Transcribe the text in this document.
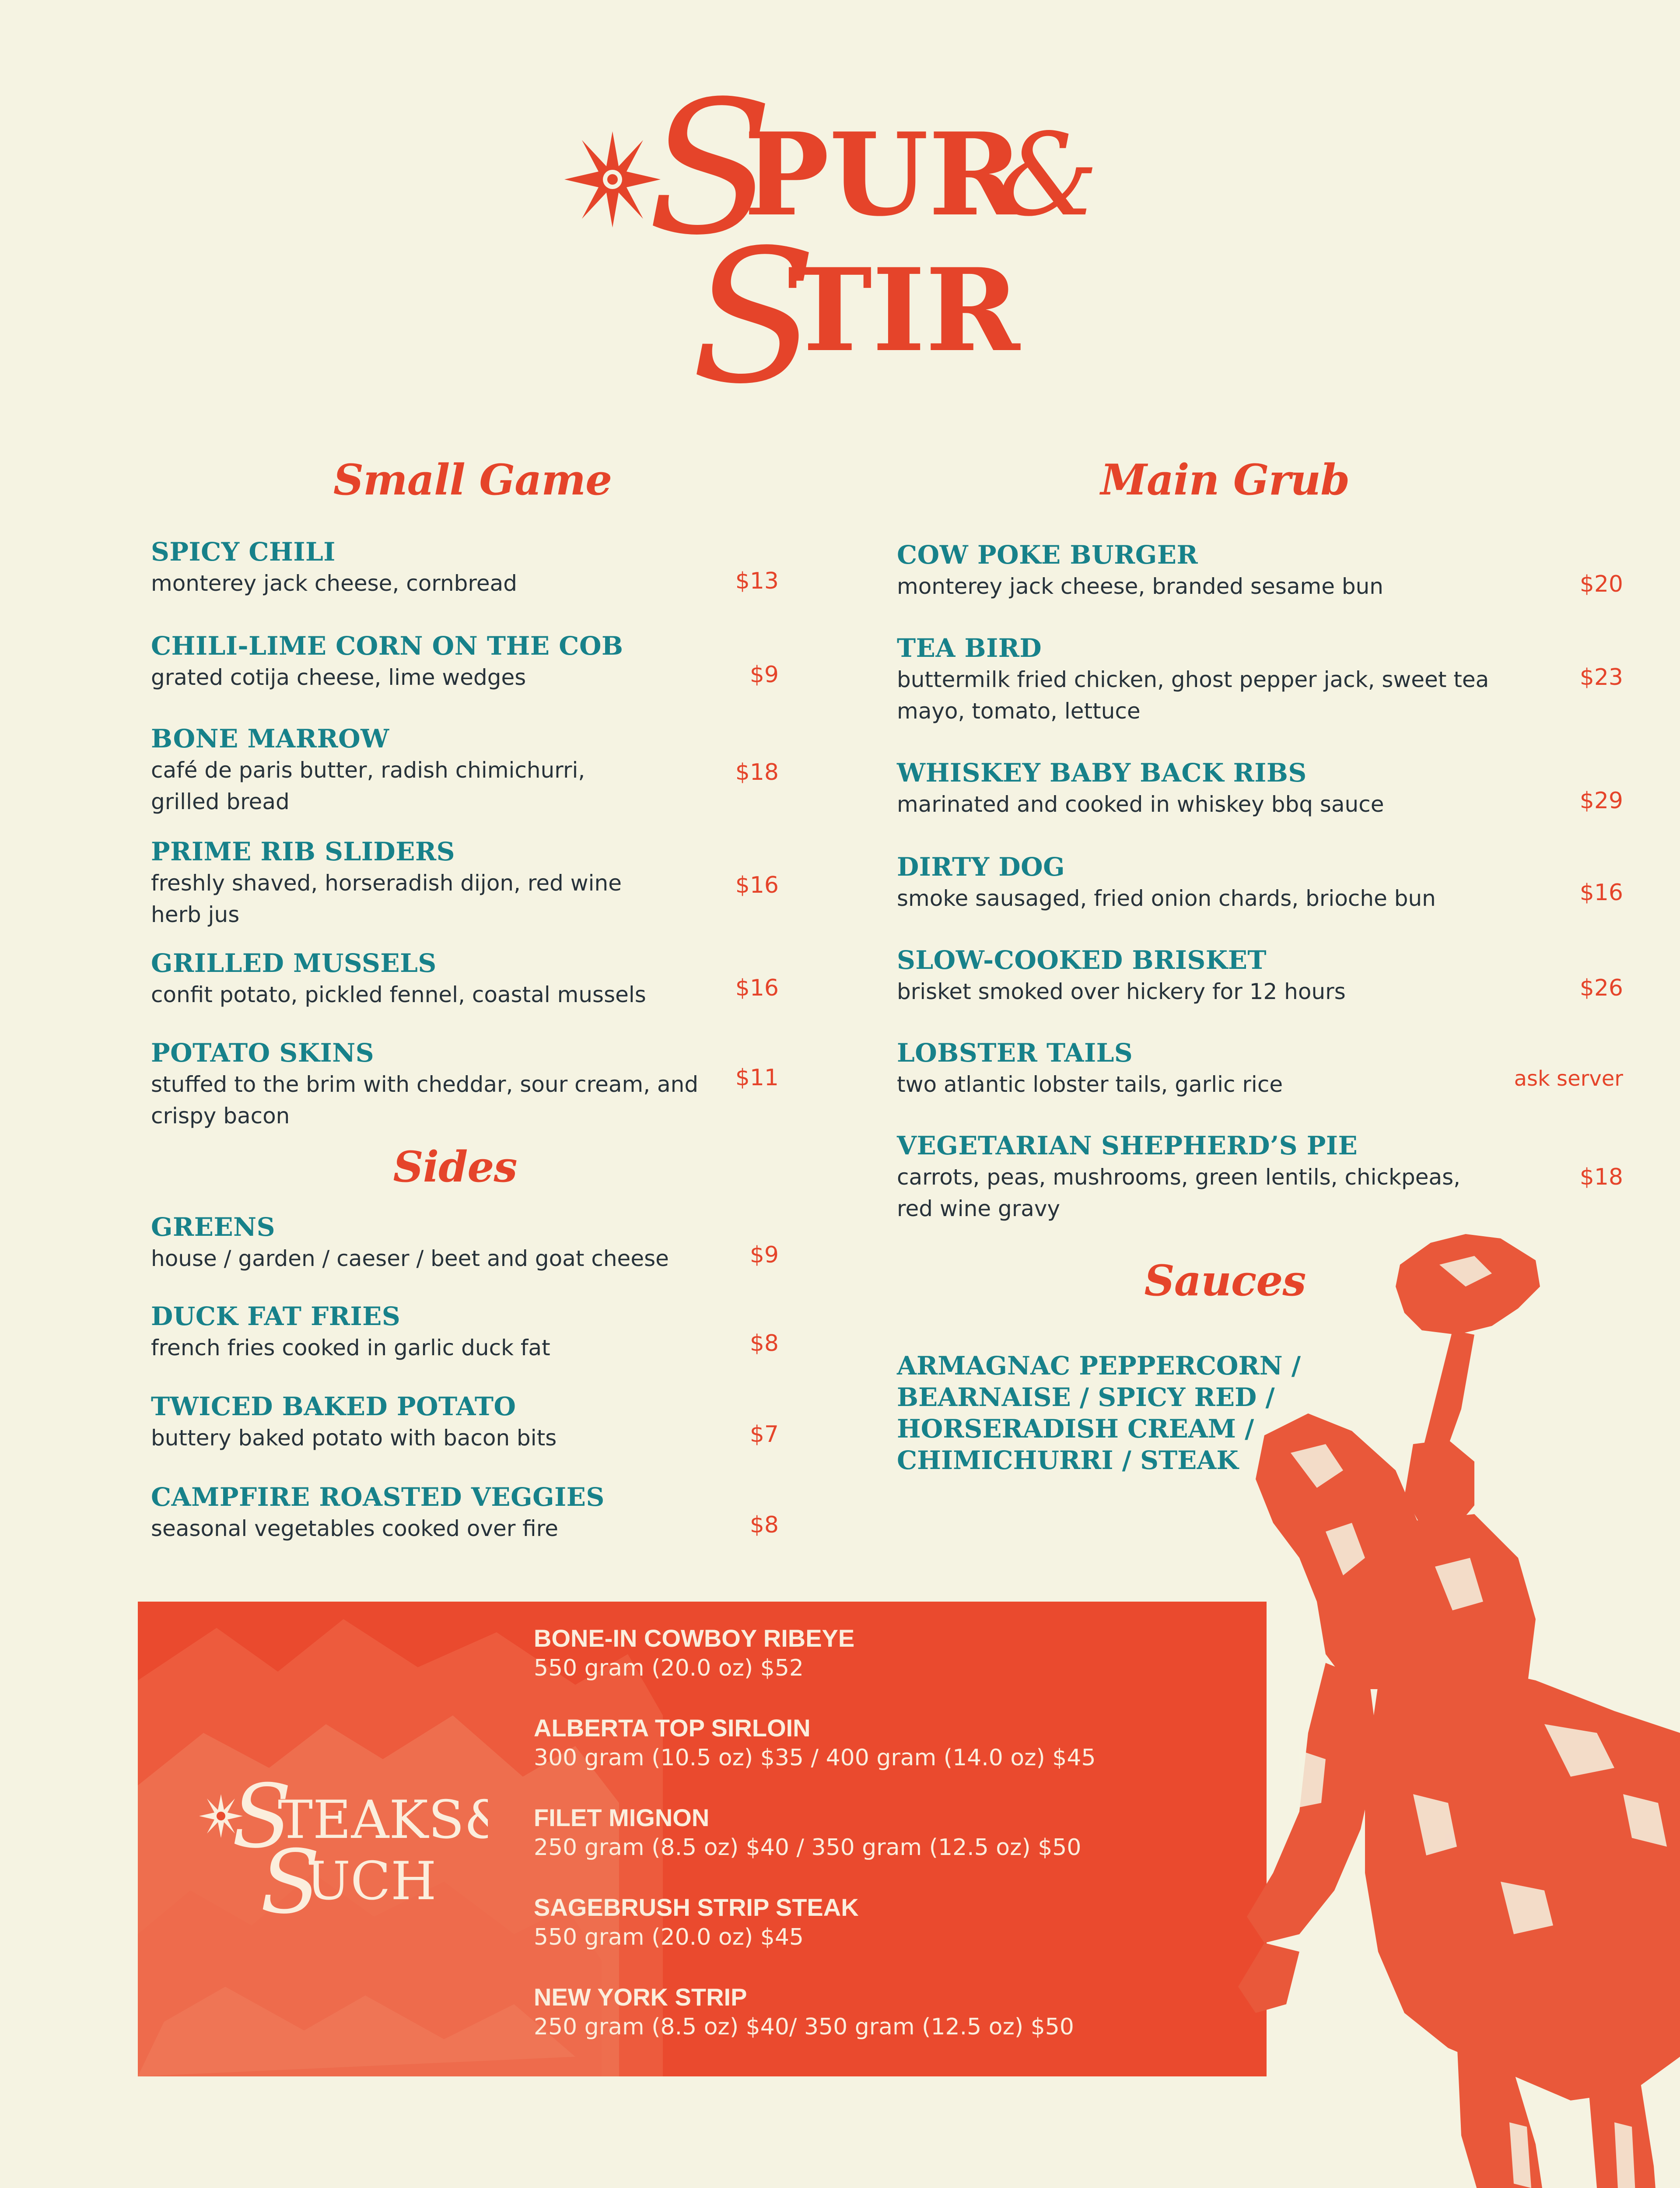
S
PUR
&
S
TIR
Small Game	Main Grub
Sides
Sauces
SPICY CHILI
monterey jack cheese, cornbread	$13
CHILI-LIME CORN ON THE COB
grated cotija cheese, lime wedges	$9
BONE MARROW
café de paris butter, radish chimichurri, grilled bread
$18
PRIME RIB SLIDERS
freshly shaved, horseradish dijon, red wine herb jus
$16
GRILLED MUSSELS
confit potato, pickled fennel, coastal mussels	$16
POTATO SKINS
stuffed to the brim with cheddar, sour cream, and crispy bacon
$11
GREENS
house / garden / caeser / beet and goat cheese	$9
DUCK FAT FRIES
french fries cooked in garlic duck fat	$8
TWICED BAKED POTATO
buttery baked potato with bacon bits	$7
CAMPFIRE ROASTED VEGGIES
seasonal vegetables cooked over fire	$8
COW POKE BURGER
monterey jack cheese, branded sesame bun	$20
TEA BIRD
buttermilk fried chicken, ghost pepper jack, sweet tea mayo, tomato, lettuce
$23
WHISKEY BABY BACK RIBS
marinated and cooked in whiskey bbq sauce	$29
DIRTY DOG
smoke sausaged, fried onion chards, brioche bun	$16
SLOW-COOKED BRISKET
brisket smoked over hickery for 12 hours	$26
LOBSTER TAILS
two atlantic lobster tails, garlic rice	ask server
VEGETARIAN SHEPHERD’S PIE
carrots, peas, mushrooms, green lentils, chickpeas, red wine gravy
$18
ARMAGNAC PEPPERCORN /
BEARNAISE / SPICY RED /
HORSERADISH CREAM /
CHIMICHURRI / STEAK
S
TEAKS&
S
UCH
BONE-IN COWBOY RIBEYE
550 gram (20.0 oz) $52
ALBERTA TOP SIRLOIN
300 gram (10.5 oz) $35 / 400 gram (14.0 oz) $45
FILET MIGNON
250 gram (8.5 oz) $40 / 350 gram (12.5 oz) $50
SAGEBRUSH STRIP STEAK
550 gram (20.0 oz) $45
NEW YORK STRIP
250 gram (8.5 oz) $40/ 350 gram (12.5 oz) $50
